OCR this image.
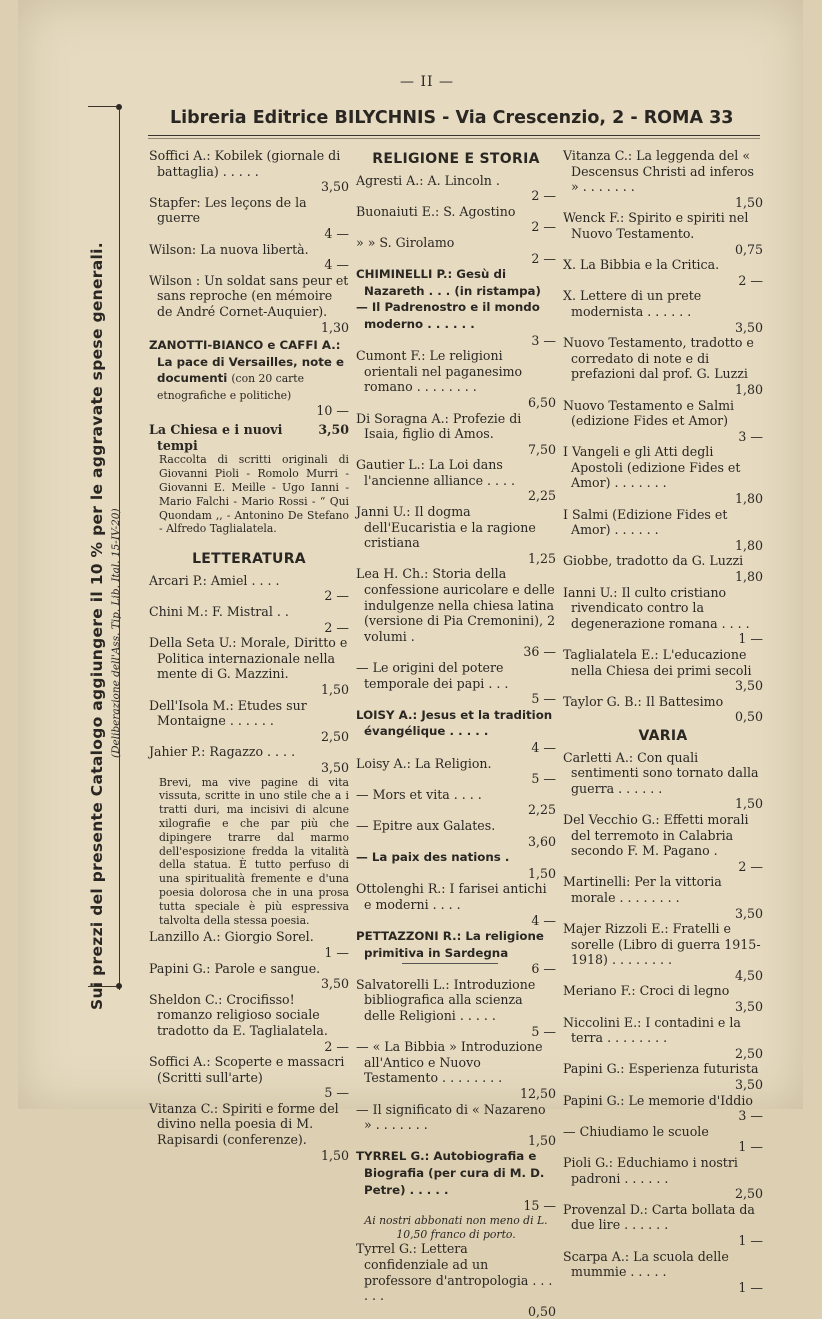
— II —
Libreria Editrice BILYCHNIS - Via Crescenzio, 2 - ROMA 33
Sui prezzi del presente Catalogo aggiungere il 10 % per le aggravate spese generali. (Deliberazione dell'Ass. Tip. Lib. Ital. 15-IV-20)
Soffici A.: Kobilek (giornale di battaglia) . . . . .
3,50
Stapfer: Les leçons de la guerre
4 —
Wilson: La nuova libertà.
4 —
Wilson : Un soldat sans peur et sans reproche (en mémoire de André Cornet-Auquier).
1,30
ZANOTTI-BIANCO e CAFFI A.: La pace di Versailles, note e documenti (con 20 carte etnografiche e politiche)
10 —
La Chiesa e i nuovi tempi
3,50
Raccolta di scritti originali di Giovanni Pioli - Romolo Murri - Giovanni E. Meille - Ugo Ianni - Mario Falchi - Mario Rossi - “ Qui Quondam ,, - Antonino De Stefano - Alfredo Taglialatela.
LETTERATURA
Arcari P.: Amiel . . . .
2 —
Chini M.: F. Mistral . .
2 —
Della Seta U.: Morale, Diritto e Politica internazionale nella mente di G. Mazzini.
1,50
Dell'Isola M.: Etudes sur Montaigne . . . . . .
2,50
Jahier P.: Ragazzo . . . .
3,50
Brevi, ma vive pagine di vita vissuta, scritte in uno stile che a i tratti duri, ma incisivi di alcune xilografie e che par più che dipingere trarre dal marmo dell'esposizione fredda la vitalità della statua. È tutto perfuso di una spiritualità fremente e d'una poesia dolorosa che in una prosa tutta speciale è più espressiva talvolta della stessa poesia.
Lanzillo A.: Giorgio Sorel.
1 —
Papini G.: Parole e sangue.
3,50
Sheldon C.: Crocifisso! romanzo religioso sociale tradotto da E. Taglialatela.
2 —
Soffici A.: Scoperte e massacri (Scritti sull'arte)
5 —
Vitanza C.: Spiriti e forme del divino nella poesia di M. Rapisardi (conferenze).
1,50
RELIGIONE E STORIA
Agresti A.: A. Lincoln .
2 —
Buonaiuti E.: S. Agostino
2 —
» » S. Girolamo
2 —
CHIMINELLI P.: Gesù di Nazareth . . . (in ristampa)
— Il Padrenostro e il mondo moderno . . . . . .
3 —
Cumont F.: Le religioni orientali nel paganesimo romano . . . . . . . .
6,50
Di Soragna A.: Profezie di Isaia, figlio di Amos.
7,50
Gautier L.: La Loi dans l'ancienne alliance . . . .
2,25
Janni U.: Il dogma dell'Eucaristia e la ragione cristiana
1,25
Lea H. Ch.: Storia della confessione auricolare e delle indulgenze nella chiesa latina (versione di Pia Cremonini), 2 volumi .
36 —
— Le origini del potere temporale dei papi . . .
5 —
LOISY A.: Jesus et la tradition évangélique . . . . .
4 —
Loisy A.: La Religion.
5 —
— Mors et vita . . . .
2,25
— Epitre aux Galates.
3,60
— La paix des nations .
1,50
Ottolenghi R.: I farisei antichi e moderni . . . .
4 —
PETTAZZONI R.: La religione primitiva in Sardegna
6 —
Salvatorelli L.: Introduzione bibliografica alla scienza delle Religioni . . . . .
5 —
— « La Bibbia » Introduzione all'Antico e Nuovo Testamento . . . . . . . .
12,50
— Il significato di « Nazareno » . . . . . . .
1,50
TYRREL G.: Autobiografia e Biografia (per cura di M. D. Petre) . . . . .
15 —
Ai nostri abbonati non meno di L. 10,50 franco di porto.
Tyrrel G.: Lettera confidenziale ad un professore d'antropologia . . . . . .
0,50
Vitanza C.: La leggenda del « Descensus Christi ad inferos » . . . . . . .
1,50
Wenck F.: Spirito e spiriti nel Nuovo Testamento.
0,75
X. La Bibbia e la Critica.
2 —
X. Lettere di un prete modernista . . . . . .
3,50
Nuovo Testamento, tradotto e corredato di note e di prefazioni dal prof. G. Luzzi
1,80
Nuovo Testamento e Salmi (edizione Fides et Amor)
3 —
I Vangeli e gli Atti degli Apostoli (edizione Fides et Amor) . . . . . . .
1,80
I Salmi (Edizione Fides et Amor) . . . . . .
1,80
Giobbe, tradotto da G. Luzzi
1,80
Ianni U.: Il culto cristiano rivendicato contro la degenerazione romana . . . .
1 —
Taglialatela E.: L'educazione nella Chiesa dei primi secoli
3,50
Taylor G. B.: Il Battesimo
0,50
VARIA
Carletti A.: Con quali sentimenti sono tornato dalla guerra . . . . . .
1,50
Del Vecchio G.: Effetti morali del terremoto in Calabria secondo F. M. Pagano .
2 —
Martinelli: Per la vittoria morale . . . . . . . .
3,50
Majer Rizzoli E.: Fratelli e sorelle (Libro di guerra 1915-1918) . . . . . . . .
4,50
Meriano F.: Croci di legno
3,50
Niccolini E.: I contadini e la terra . . . . . . . .
2,50
Papini G.: Esperienza futurista
3,50
Papini G.: Le memorie d'Iddio
3 —
— Chiudiamo le scuole
1 —
Pioli G.: Educhiamo i nostri padroni . . . . . .
2,50
Provenzal D.: Carta bollata da due lire . . . . . .
1 —
Scarpa A.: La scuola delle mummie . . . . .
1 —
